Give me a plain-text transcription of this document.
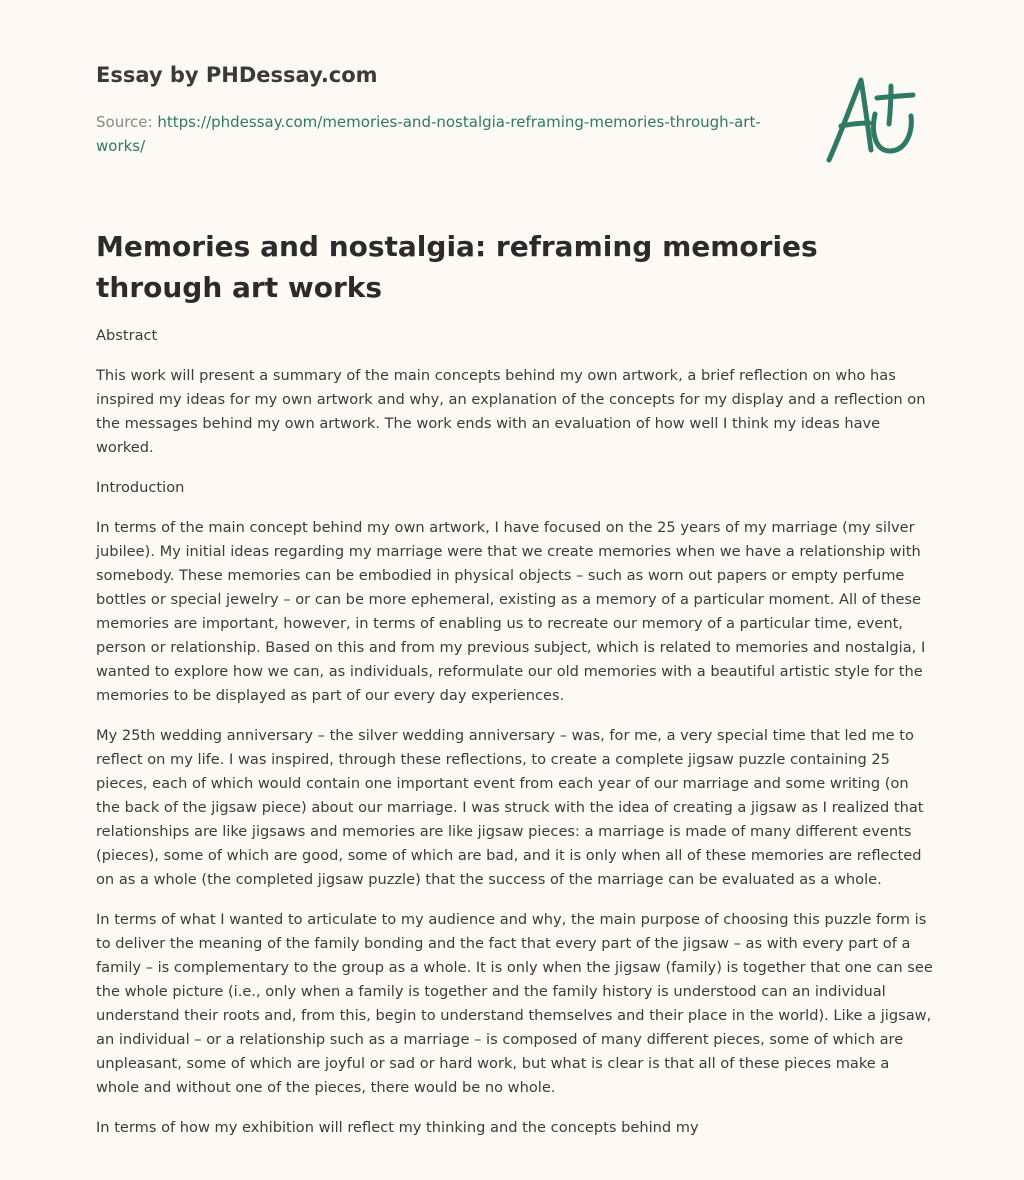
Essay by PHDessay.com
Source: https://phdessay.com/memories-and-nostalgia-reframing-memories-through-art-works/
Memories and nostalgia: reframing memories through art works

Abstract

This work will present a summary of the main concepts behind my own artwork, a brief reflection on who has inspired my ideas for my own artwork and why, an explanation of the concepts for my display and a reflection on the messages behind my own artwork. The work ends with an evaluation of how well I think my ideas have worked.

Introduction

In terms of the main concept behind my own artwork, I have focused on the 25 years of my marriage (my silver jubilee). My initial ideas regarding my marriage were that we create memories when we have a relationship with somebody. These memories can be embodied in physical objects – such as worn out papers or empty perfume bottles or special jewelry – or can be more ephemeral, existing as a memory of a particular moment. All of these memories are important, however, in terms of enabling us to recreate our memory of a particular time, event, person or relationship. Based on this and from my previous subject, which is related to memories and nostalgia, I wanted to explore how we can, as individuals, reformulate our old memories with a beautiful artistic style for the memories to be displayed as part of our every day experiences.

My 25th wedding anniversary – the silver wedding anniversary – was, for me, a very special time that led me to reflect on my life. I was inspired, through these reflections, to create a complete jigsaw puzzle containing 25 pieces, each of which would contain one important event from each year of our marriage and some writing (on the back of the jigsaw piece) about our marriage. I was struck with the idea of creating a jigsaw as I realized that relationships are like jigsaws and memories are like jigsaw pieces: a marriage is made of many different events (pieces), some of which are good, some of which are bad, and it is only when all of these memories are reflected on as a whole (the completed jigsaw puzzle) that the success of the marriage can be evaluated as a whole.

In terms of what I wanted to articulate to my audience and why, the main purpose of choosing this puzzle form is to deliver the meaning of the family bonding and the fact that every part of the jigsaw – as with every part of a family – is complementary to the group as a whole. It is only when the jigsaw (family) is together that one can see the whole picture (i.e., only when a family is together and the family history is understood can an individual understand their roots and, from this, begin to understand themselves and their place in the world). Like a jigsaw, an individual – or a relationship such as a marriage – is composed of many different pieces, some of which are unpleasant, some of which are joyful or sad or hard work, but what is clear is that all of these pieces make a whole and without one of the pieces, there would be no whole.

In terms of how my exhibition will reflect my thinking and the concepts behind my
